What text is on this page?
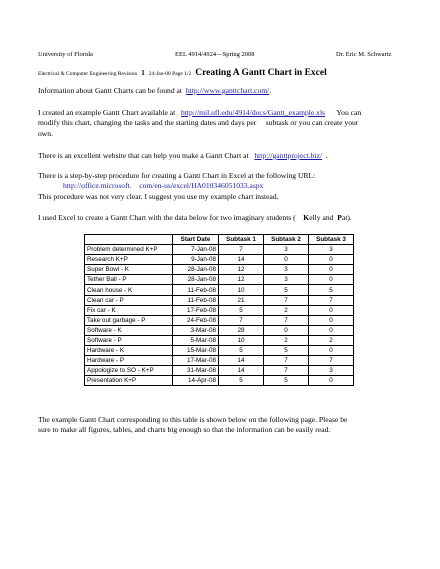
University of Florida	EEL 4914/4924—Spring 2008	Dr. Eric M. Schwartz
Electrical & Computer Engineering Revision 1 24-Jan-08 Page 1/2 Creating A Gantt Chart in Excel
Information about Gantt Charts can be found at http://www.ganttchart.com/.
I created an example Gantt Chart available at http://mil.ufl.edu/4914/docs/Gantt_example.xls You can
modify this chart, changing the tasks and the starting dates and days per     subtask or you can create your
own.
There is an excellent website that can help you make a Gantt Chart at http://ganttproject.biz/  .
There is a step-by-step procedure for creating a Gantt Chart in Excel at the following URL:
http://office.microsoft.    com/en-us/excel/HA010346051033.aspx
This procedure was not very clear. I suggest you use my example chart instead.
I used Excel to create a Gantt Chart with the data below for two imaginary students ( Kelly and Pat).
	Start Date	Subtask 1	Subtask 2	Subtask 3
Problem determined K+P	7-Jan-08	7	3	3
Research K+P	9-Jan-08	14	0	0
Super Bowl - K	28-Jan-08	12	3	0
Tether Ball - P	28-Jan-08	12	3	0
Clean house - K	11-Feb-08	10	5	5
Clean car - P	11-Feb-08	21	7	7
Fix car - K	17-Feb-08	5	2	0
Take out garbage - P	24-Feb-08	7	7	0
Software - K	3-Mar-08	28	0	0
Software - P	5-Mar-08	10	2	2
Hardware - K	15-Mar-08	5	5	0
Hardware - P	17-Mar-08	14	7	7
Appologize to SO - K+P	31-Mar-08	14	7	3
Presentation K+P	14-Apr-08	5	5	0
The example Gantt Chart corresponding to this table is shown below on the following page. Please be
sure to make all figures, tables, and charts big enough so that the information can be easily read.
